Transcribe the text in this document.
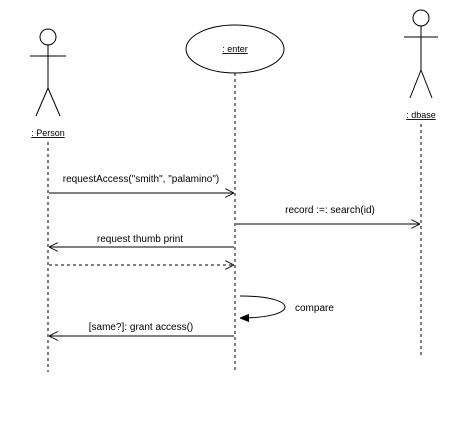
: Person
: enter
: dbase
requestAccess("smith", "palamino")
record :=: search(id)
request thumb print
compare
[same?]: grant access()
